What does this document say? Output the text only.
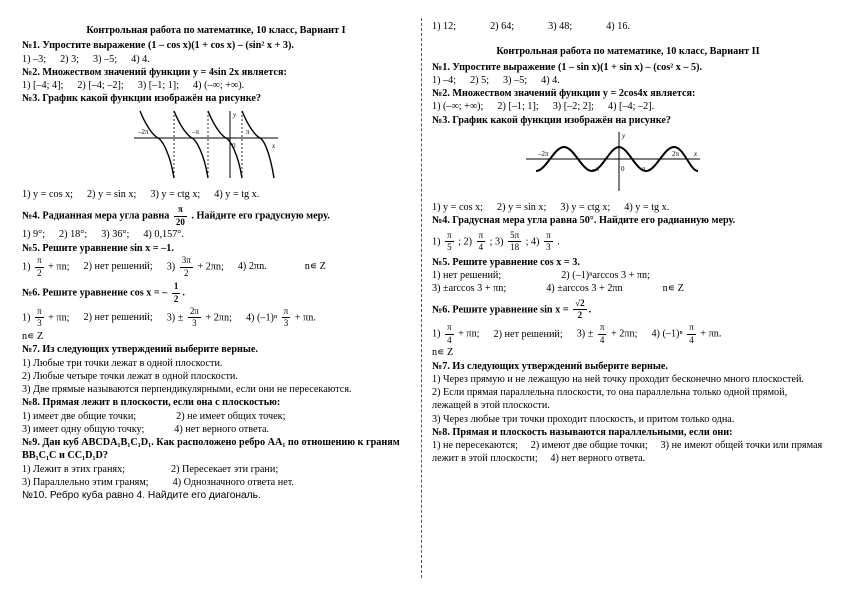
Контрольная работа по математике, 10 класс, Вариант I
№1. Упростите выражение (1 – cos x)(1 + cos x) – (sin² x + 3).
1) –3; 2) 3; 3) –5; 4) 4.
№2. Множеством значений функции y = 4sin 2x является:
1) [–4; 4]; 2) [–4; –2]; 3) [–1; 1]; 4) (–∞; +∞).
№3. График какой функции изображён на рисунке?
–2π	–π
0
π
x
y
1) y = cos x; 2) y = sin x; 3) y = ctg x; 4) y = tg x.
№4. Радианная мера угла равна $\frac{\pi}{20}$ . Найдите его градусную меру.
1) 9°; 2) 18°; 3) 36°; 4) 0,157°.
№5. Решите уравнение sin x = –1.
$1) \frac{\pi}{2} + \pi n$; 2) нет решений; $3) \frac{3\pi}{2} + 2\pi n$; 4) 2πn.	n∊ Z
№6. Решите уравнение cos x = – $\frac{1}{2}$ .
$1) \frac{\pi}{3} + \pi n$; 2) нет решений; $3) \pm \frac{2\pi}{3} + 2\pi n$; 4) $(-1)^n \frac{\pi}{3} + \pi n$.
n∊ Z
№7. Из следующих утверждений выберите верные.
1) Любые три точки лежат в одной плоскости.
2) Любые четыре точки лежат в одной плоскости.
3) Две прямые называются перпендикулярными, если они не пересекаются.
№8. Прямая лежит в плоскости, если она с плоскостью:
1) имеет две общие точки;	2) не имеет общих точек;
3) имеет одну общую точку;	4) нет верного ответа.
№9. Дан куб ABCDA₁B₁C₁D₁. Как расположено ребро AA₁ по отношению к граням BB₁C₁C и CC₁D₁D?
1) Лежит в этих гранях;	2) Пересекает эти грани;
3) Параллельно этим граням; 4) Однозначного ответа нет.
№10. Ребро куба равно 4. Найдите его диагональ.
1) 12;	2) 64;	3) 48;	4) 16.
Контрольная работа по математике, 10 класс, Вариант II
№1. Упростите выражение (1 – sin x)(1 + sin x) – (cos² x – 5).
1) –4; 2) 5; 3) –5; 4) 4.
№2. Множеством значений функции y = 2cos4x является:
1) (–∞; +∞); 2) [–1; 1]; 3) [–2; 2]; 4) [–4; –2].
№3. График какой функции изображён на рисунке?
–2π
–π	0	π
2π x
y
1) y = cos x; 2) y = sin x; 3) y = ctg x; 4) y = tg x.
№4. Градусная мера угла равна 50°. Найдите его радианную меру.
$1) \frac{\pi}{5}$ ; $2) \frac{\pi}{4}$ ; $3) \frac{5\pi}{18}$ ; $4) \frac{\pi}{3}$ .
№5. Решите уравнение cos x = 3.
1) нет решений;	2) (–1)ⁿarccos 3 + πn;
3) ±arccos 3 + πn;	4) ±arccos 3 + 2πn	n∊ Z
№6. Решите уравнение $\sin x = \frac{√2}{2}$ .
$1) \frac{\pi}{4} + \pi n$; 2) нет решений; $3) \pm \frac{\pi}{4} + 2\pi n$; 4) $(-1)^n \frac{\pi}{4} + \pi n$.
n∊ Z
№7. Из следующих утверждений выберите верные.
1) Через прямую и не лежащую на ней точку проходит бесконечно много плоскостей.
2) Если прямая параллельна плоскости, то она параллельна только одной прямой, лежащей в этой плоскости.
3) Через любые три точки проходит плоскость, и притом только одна.
№8. Прямая и плоскость называются параллельными, если они:
1) не пересекаются; 2) имеют две общие точки; 3) не имеют общей точки или прямая лежит в этой плоскости; 4) нет верного ответа.
